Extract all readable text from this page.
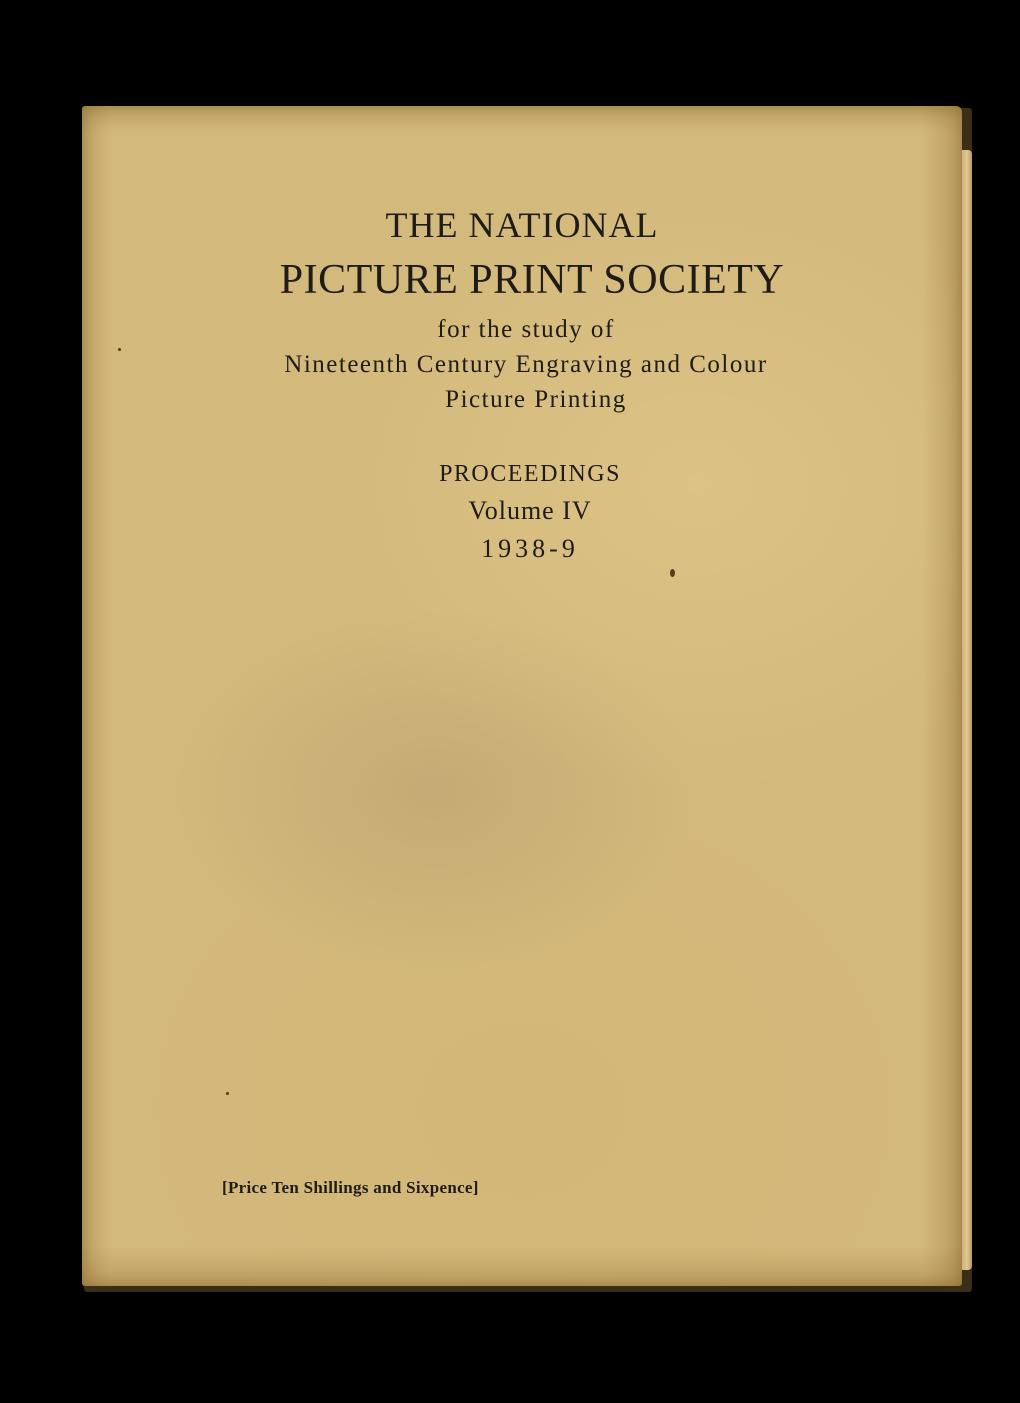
THE NATIONAL
PICTURE PRINT SOCIETY
for the study of
Nineteenth Century Engraving and Colour
Picture Printing
PROCEEDINGS
Volume IV
1938-9
[Price Ten Shillings and Sixpence]
